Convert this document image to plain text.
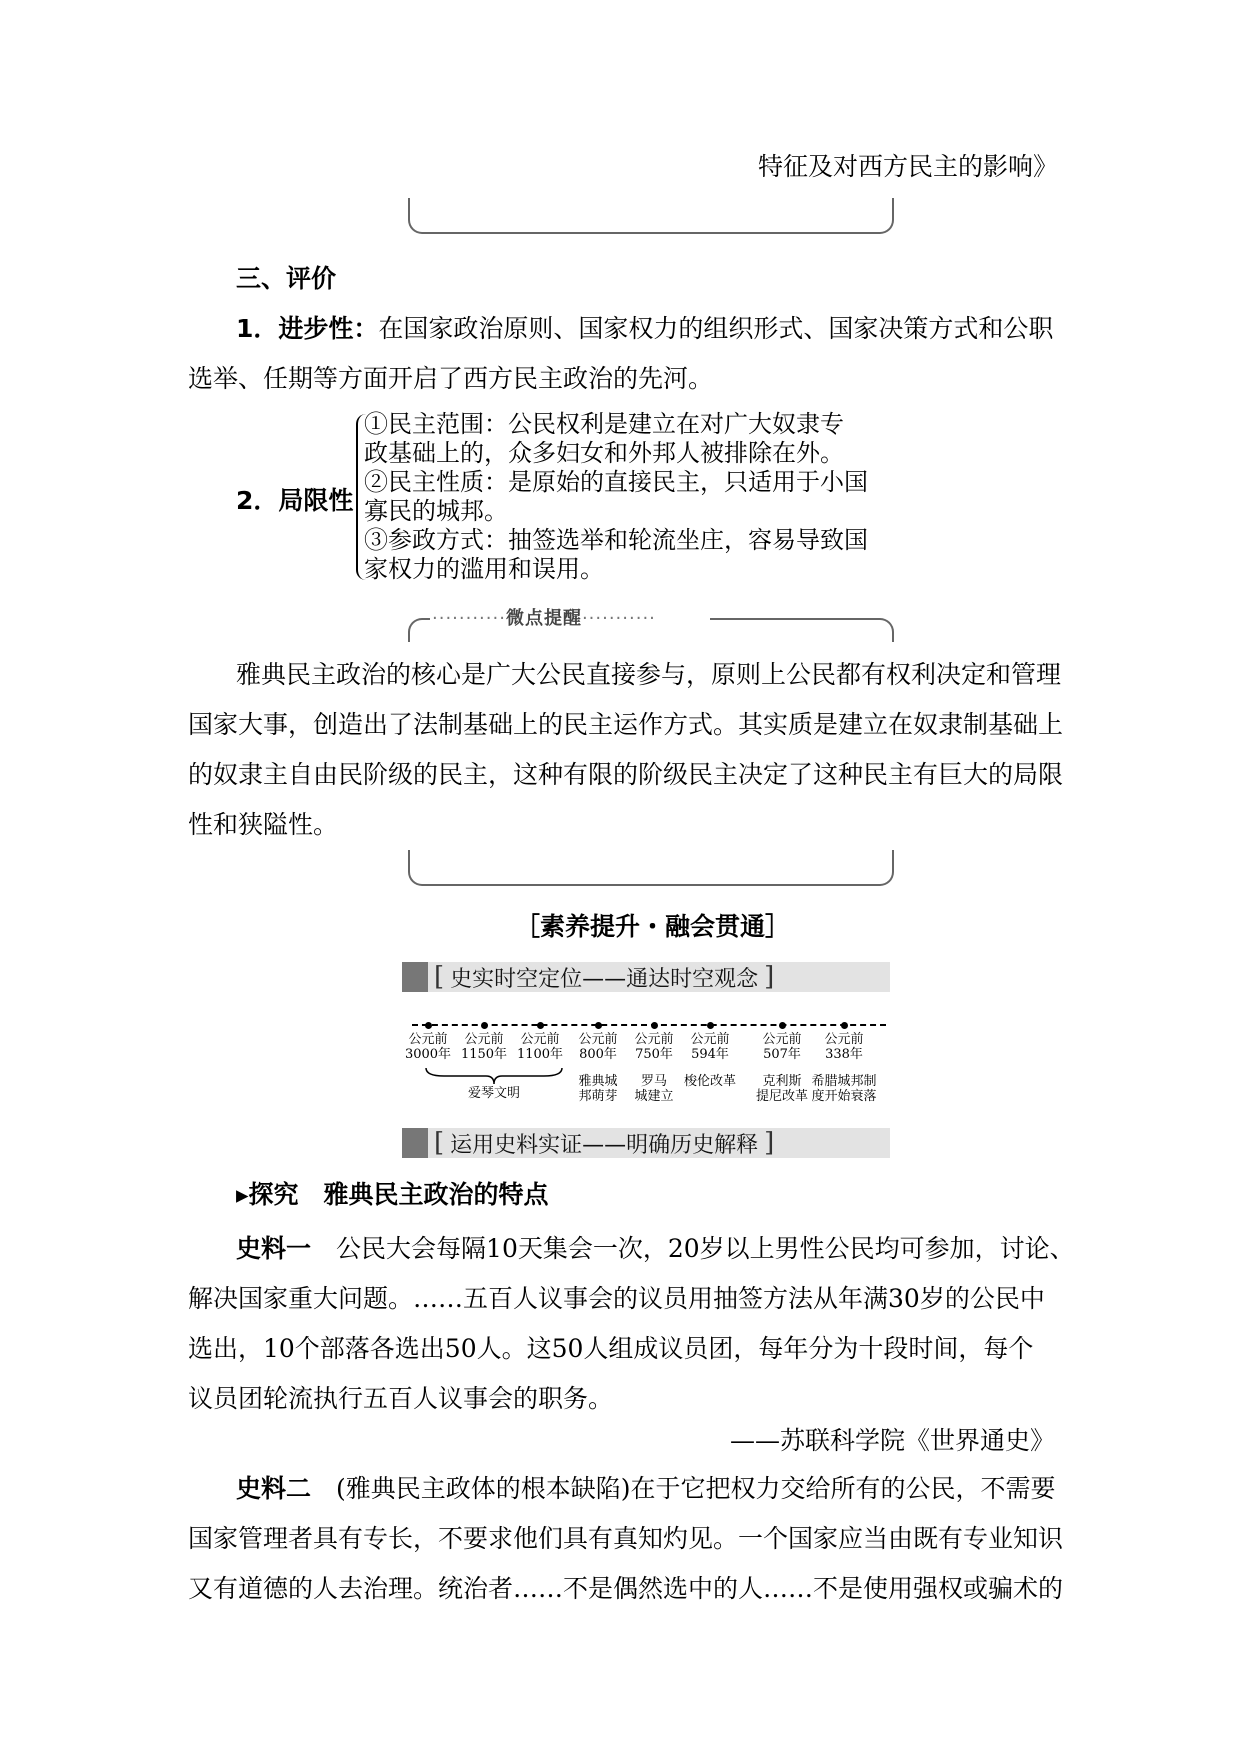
特征及对西方民主的影响》
三、评价
1．进步性：在国家政治原则、国家权力的组织形式、国家决策方式和公职
选举、任期等方面开启了西方民主政治的先河。
2．局限性
①民主范围：公民权利是建立在对广大奴隶专
政基础上的，众多妇女和外邦人被排除在外。
②民主性质：是原始的直接民主，只适用于小国
寡民的城邦。
③参政方式：抽签选举和轮流坐庄，容易导致国
家权力的滥用和误用。
···········微点提醒···········
雅典民主政治的核心是广大公民直接参与，原则上公民都有权利决定和管理
国家大事，创造出了法制基础上的民主运作方式。其实质是建立在奴隶制基础上
的奴隶主自由民阶级的民主，这种有限的阶级民主决定了这种民主有巨大的局限
性和狭隘性。
［素养提升・融会贯通］
[ 史实时空定位——通达时空观念 ]
公元前
3000年
公元前
1150年
公元前
1100年
公元前
800年
公元前
750年
公元前
594年
公元前
507年
公元前
338年
爱琴文明
雅典城
邦萌芽
罗马
城建立
梭伦改革	克利斯
提尼改革
希腊城邦制
度开始衰落
[ 运用史料实证——明确历史解释 ]
▸探究　雅典民主政治的特点
史料一　 公民大会每隔10天集会一次，20岁以上男性公民均可参加，讨论、
解决国家重大问题。……五百人议事会的议员用抽签方法从年满30岁的公民中
选出，10个部落各选出50人。这50人组成议员团，每年分为十段时间，每个
议员团轮流执行五百人议事会的职务。
——苏联科学院《世界通史》
史料二　 (雅典民主政体的根本缺陷)在于它把权力交给所有的公民，不需要
国家管理者具有专长，不要求他们具有真知灼见。一个国家应当由既有专业知识
又有道德的人去治理。统治者……不是偶然选中的人……不是使用强权或骗术的
